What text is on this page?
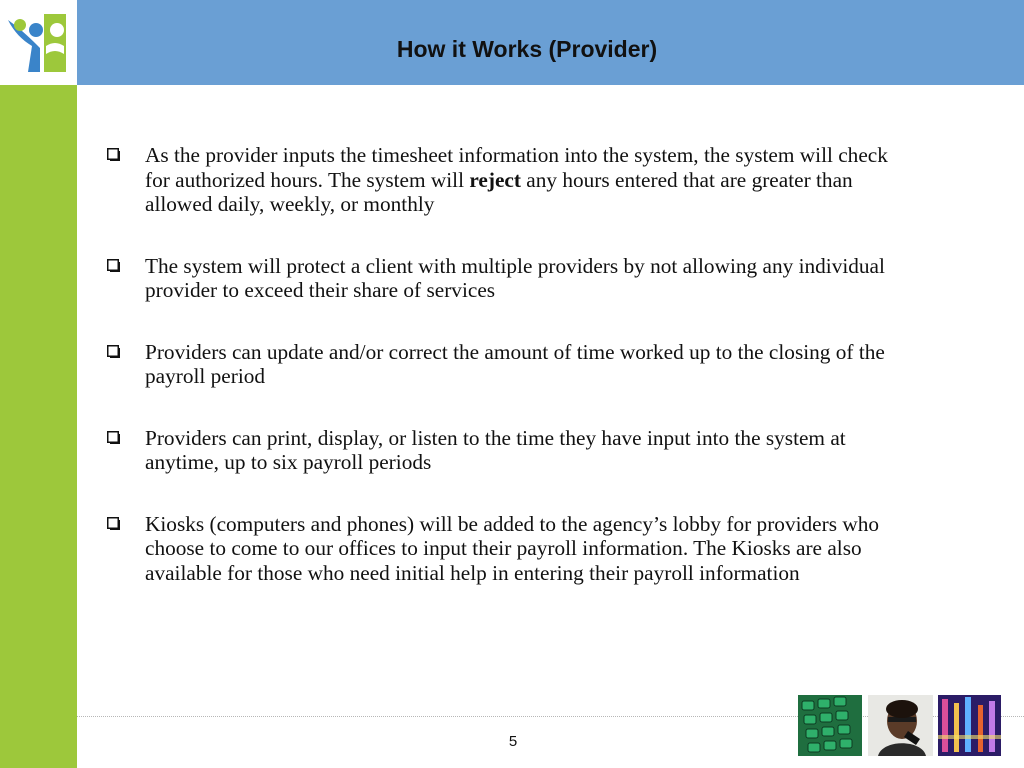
How it Works (Provider)
As the provider inputs the timesheet information into the system, the system will check for authorized hours. The system will reject any hours entered that are greater than allowed daily, weekly, or monthly
The system will protect a client with multiple providers by not allowing any individual provider to exceed their share of services
Providers can update and/or correct the amount of time worked up to the closing of the payroll period
Providers can print, display, or listen to the time they have input into the system at anytime, up to six payroll periods
Kiosks (computers and phones) will be added to the agency’s lobby for providers who choose to come to our offices to input their payroll information. The Kiosks are also available for those who need initial help in entering their payroll information
5
